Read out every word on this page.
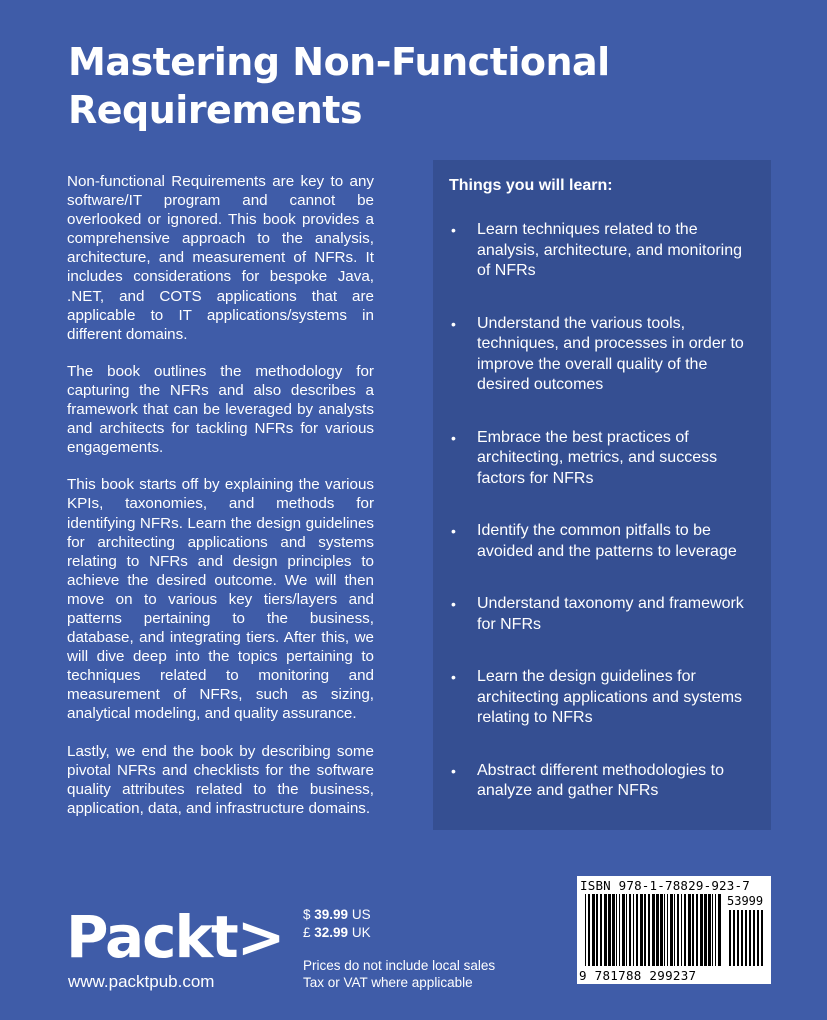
Mastering Non-Functional Requirements

Non-functional Requirements are key to any software/IT program and cannot be overlooked or ignored. This book provides a comprehensive approach to the analysis, architecture, and measurement of NFRs. It includes considerations for bespoke Java, .NET, and COTS applications that are applicable to IT applications/systems in different domains.

The book outlines the methodology for capturing the NFRs and also describes a framework that can be leveraged by analysts and architects for tackling NFRs for various engagements.

This book starts off by explaining the various KPIs, taxonomies, and methods for identifying NFRs. Learn the design guidelines for architecting applications and systems relating to NFRs and design principles to achieve the desired outcome. We will then move on to various key tiers/layers and patterns pertaining to the business, database, and integrating tiers. After this, we will dive deep into the topics pertaining to techniques related to monitoring and measurement of NFRs, such as sizing, analytical modeling, and quality assurance.

Lastly, we end the book by describing some pivotal NFRs and checklists for the software quality attributes related to the business, application, data, and infrastructure domains.

Things you will learn:
• Learn techniques related to the analysis, architecture, and monitoring of NFRs
• Understand the various tools, techniques, and processes in order to improve the overall quality of the desired outcomes
• Embrace the best practices of architecting, metrics, and success factors for NFRs
• Identify the common pitfalls to be avoided and the patterns to leverage
• Understand taxonomy and framework for NFRs
• Learn the design guidelines for architecting applications and systems relating to NFRs
• Abstract different methodologies to analyze and gather NFRs
Packt>
www.packtpub.com
$ 39.99 US
£ 32.99 UK
Prices do not include local sales
Tax or VAT where applicable
ISBN 978-1-78829-923-7
53999
9 781788 299237
